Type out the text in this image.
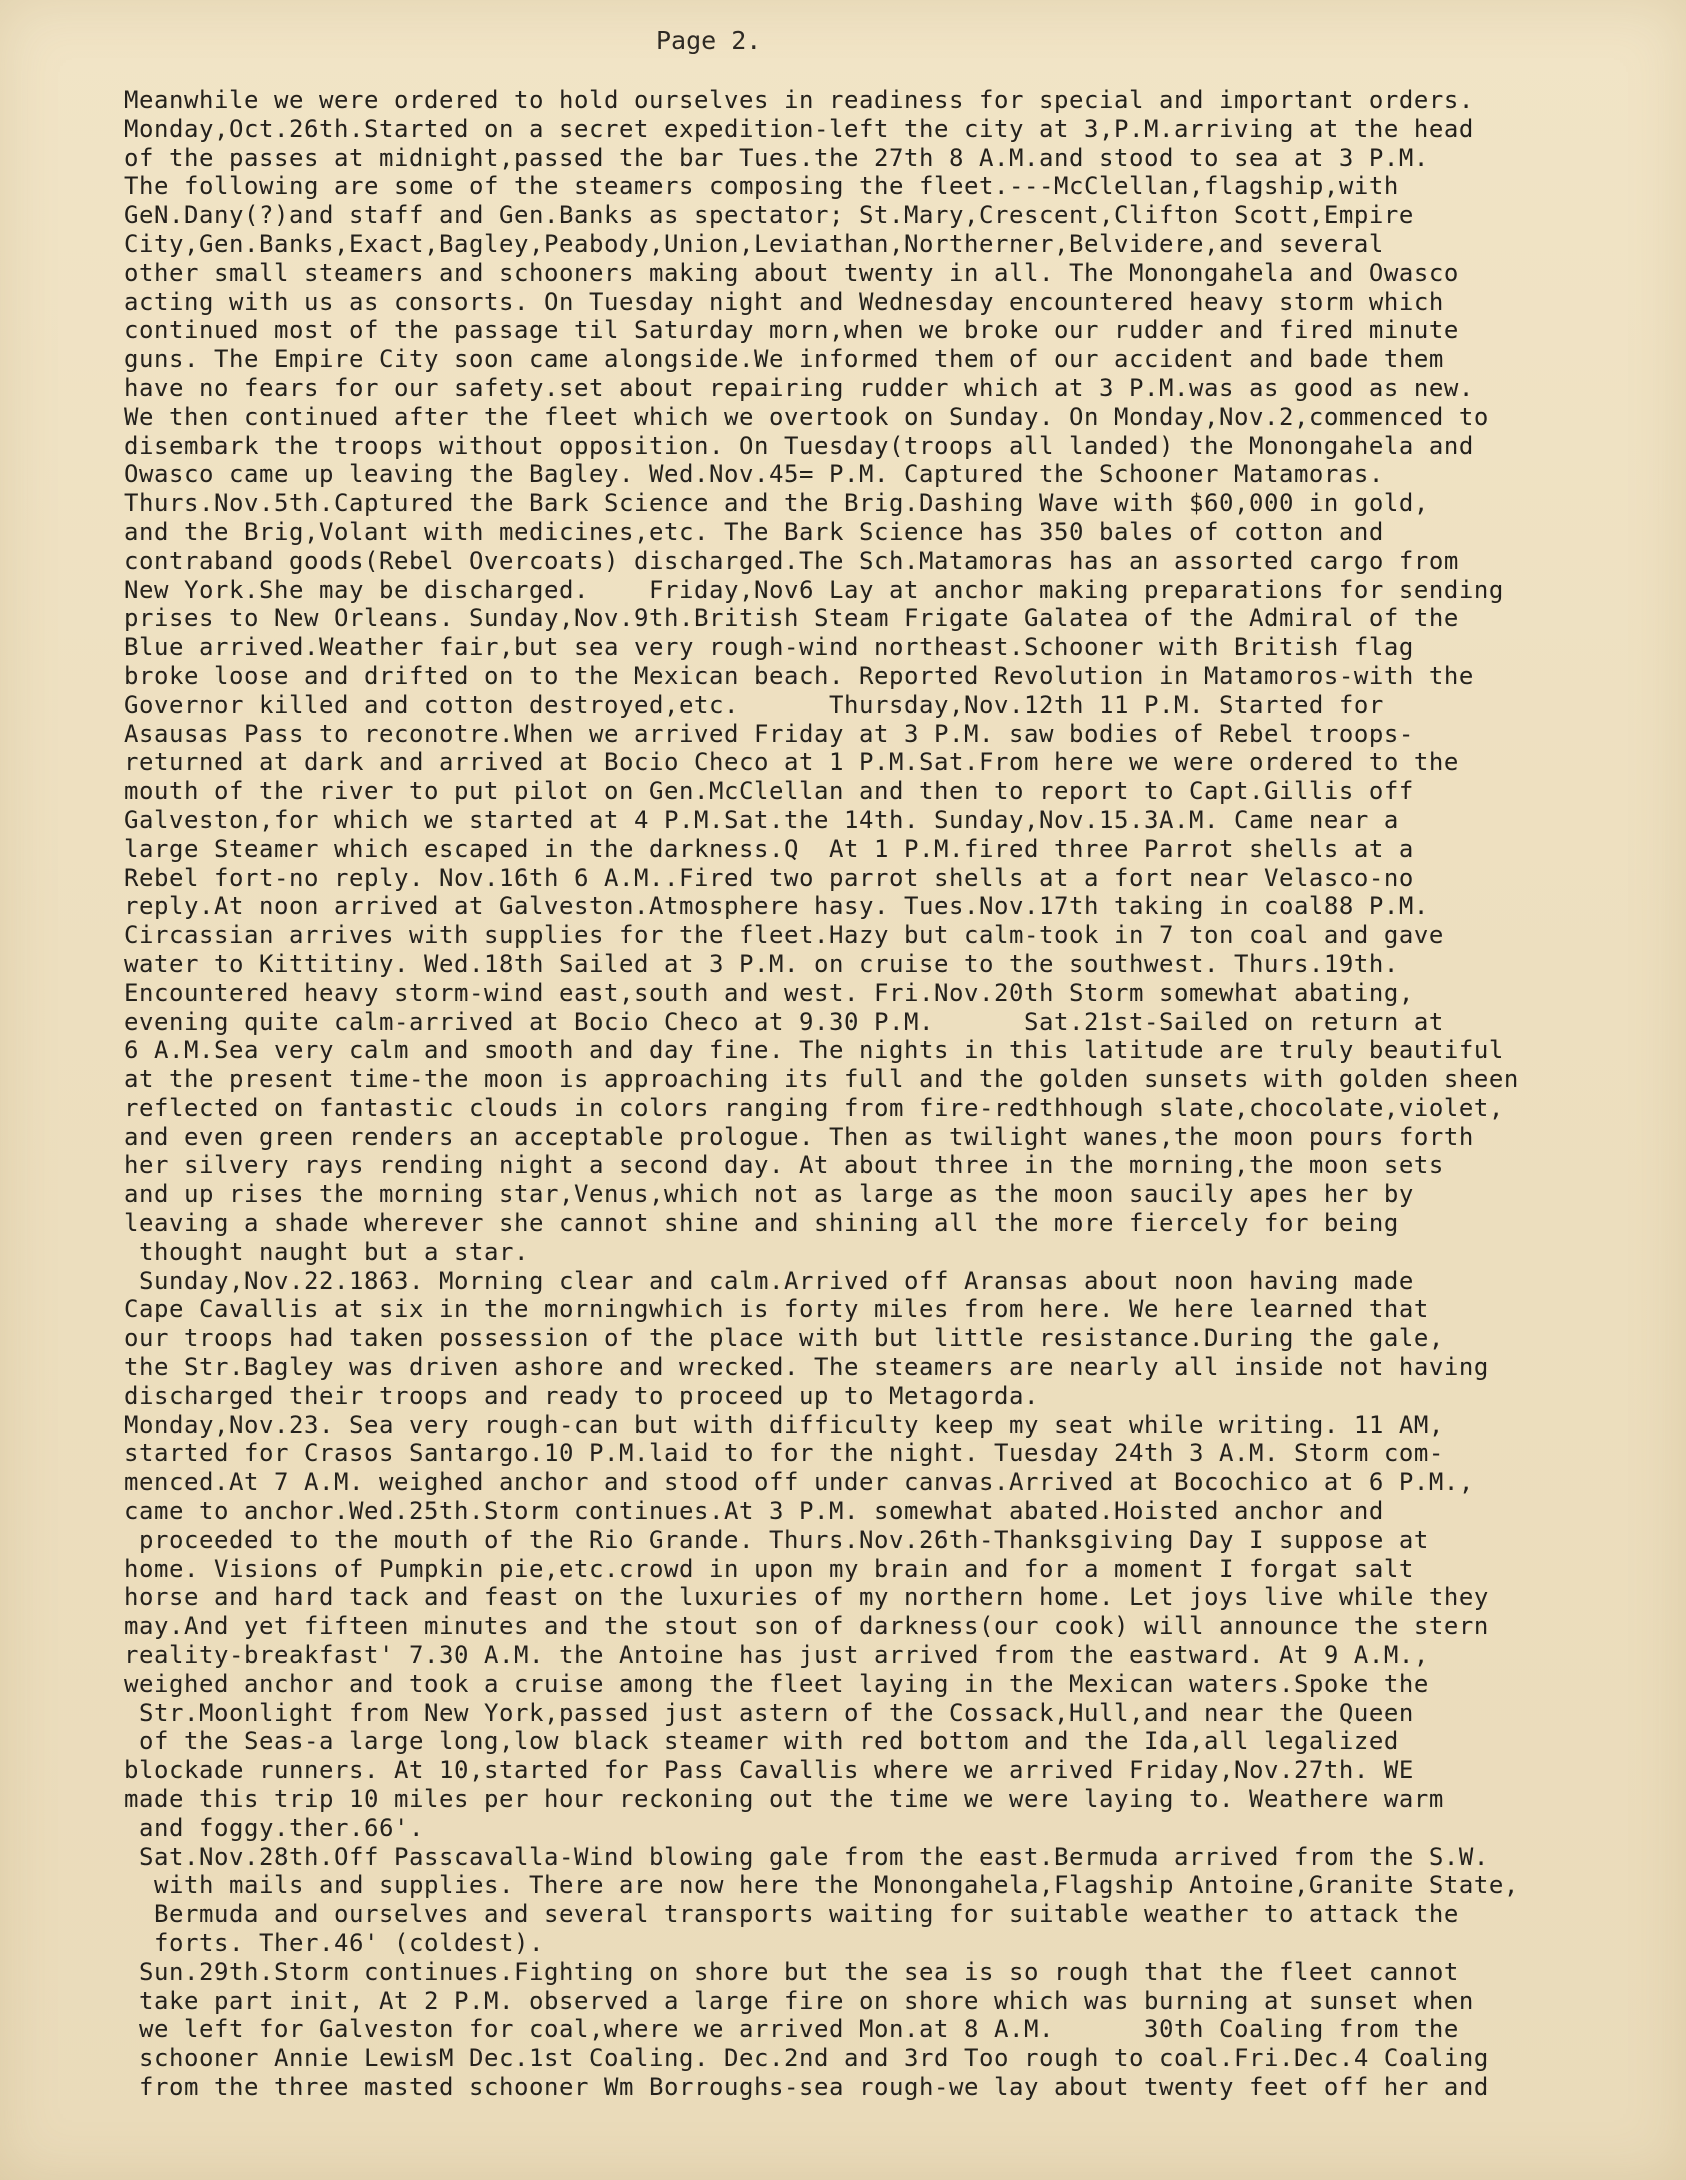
Page 2.
Meanwhile we were ordered to hold ourselves in readiness for special and important orders.
Monday,Oct.26th.Started on a secret expedition-left the city at 3,P.M.arriving at the head
of the passes at midnight,passed the bar Tues.the 27th 8 A.M.and stood to sea at 3 P.M.
The following are some of the steamers composing the fleet.---McClellan,flagship,with
GeN.Dany(?)and staff and Gen.Banks as spectator; St.Mary,Crescent,Clifton Scott,Empire
City,Gen.Banks,Exact,Bagley,Peabody,Union,Leviathan,Northerner,Belvidere,and several
other small steamers and schooners making about twenty in all. The Monongahela and Owasco
acting with us as consorts. On Tuesday night and Wednesday encountered heavy storm which
continued most of the passage til Saturday morn,when we broke our rudder and fired minute
guns. The Empire City soon came alongside.We informed them of our accident and bade them
have no fears for our safety.set about repairing rudder which at 3 P.M.was as good as new.
We then continued after the fleet which we overtook on Sunday. On Monday,Nov.2,commenced to
disembark the troops without opposition. On Tuesday(troops all landed) the Monongahela and
Owasco came up leaving the Bagley. Wed.Nov.45= P.M. Captured the Schooner Matamoras.
Thurs.Nov.5th.Captured the Bark Science and the Brig.Dashing Wave with $60,000 in gold,
and the Brig,Volant with medicines,etc. The Bark Science has 350 bales of cotton and
contraband goods(Rebel Overcoats) discharged.The Sch.Matamoras has an assorted cargo from
New York.She may be discharged.    Friday,Nov6 Lay at anchor making preparations for sending
prises to New Orleans. Sunday,Nov.9th.British Steam Frigate Galatea of the Admiral of the
Blue arrived.Weather fair,but sea very rough-wind northeast.Schooner with British flag
broke loose and drifted on to the Mexican beach. Reported Revolution in Matamoros-with the
Governor killed and cotton destroyed,etc.      Thursday,Nov.12th 11 P.M. Started for
Asausas Pass to reconotre.When we arrived Friday at 3 P.M. saw bodies of Rebel troops-
returned at dark and arrived at Bocio Checo at 1 P.M.Sat.From here we were ordered to the
mouth of the river to put pilot on Gen.McClellan and then to report to Capt.Gillis off
Galveston,for which we started at 4 P.M.Sat.the 14th. Sunday,Nov.15.3A.M. Came near a
large Steamer which escaped in the darkness.Q  At 1 P.M.fired three Parrot shells at a
Rebel fort-no reply. Nov.16th 6 A.M..Fired two parrot shells at a fort near Velasco-no
reply.At noon arrived at Galveston.Atmosphere hasy. Tues.Nov.17th taking in coal88 P.M.
Circassian arrives with supplies for the fleet.Hazy but calm-took in 7 ton coal and gave
water to Kittitiny. Wed.18th Sailed at 3 P.M. on cruise to the southwest. Thurs.19th.
Encountered heavy storm-wind east,south and west. Fri.Nov.20th Storm somewhat abating,
evening quite calm-arrived at Bocio Checo at 9.30 P.M.      Sat.21st-Sailed on return at
6 A.M.Sea very calm and smooth and day fine. The nights in this latitude are truly beautiful
at the present time-the moon is approaching its full and the golden sunsets with golden sheen
reflected on fantastic clouds in colors ranging from fire-redthhough slate,chocolate,violet,
and even green renders an acceptable prologue. Then as twilight wanes,the moon pours forth
her silvery rays rending night a second day. At about three in the morning,the moon sets
and up rises the morning star,Venus,which not as large as the moon saucily apes her by
leaving a shade wherever she cannot shine and shining all the more fiercely for being
thought naught but a star.
Sunday,Nov.22.1863. Morning clear and calm.Arrived off Aransas about noon having made
Cape Cavallis at six in the morningwhich is forty miles from here. We here learned that
our troops had taken possession of the place with but little resistance.During the gale,
the Str.Bagley was driven ashore and wrecked. The steamers are nearly all inside not having
discharged their troops and ready to proceed up to Metagorda.
Monday,Nov.23. Sea very rough-can but with difficulty keep my seat while writing. 11 AM,
started for Crasos Santargo.10 P.M.laid to for the night. Tuesday 24th 3 A.M. Storm com-
menced.At 7 A.M. weighed anchor and stood off under canvas.Arrived at Bocochico at 6 P.M.,
came to anchor.Wed.25th.Storm continues.At 3 P.M. somewhat abated.Hoisted anchor and
proceeded to the mouth of the Rio Grande. Thurs.Nov.26th-Thanksgiving Day I suppose at
home. Visions of Pumpkin pie,etc.crowd in upon my brain and for a moment I forgat salt
horse and hard tack and feast on the luxuries of my northern home. Let joys live while they
may.And yet fifteen minutes and the stout son of darkness(our cook) will announce the stern
reality-breakfast' 7.30 A.M. the Antoine has just arrived from the eastward. At 9 A.M.,
weighed anchor and took a cruise among the fleet laying in the Mexican waters.Spoke the
Str.Moonlight from New York,passed just astern of the Cossack,Hull,and near the Queen
of the Seas-a large long,low black steamer with red bottom and the Ida,all legalized
blockade runners. At 10,started for Pass Cavallis where we arrived Friday,Nov.27th. WE
made this trip 10 miles per hour reckoning out the time we were laying to. Weathere warm
and foggy.ther.66'.
Sat.Nov.28th.Off Passcavalla-Wind blowing gale from the east.Bermuda arrived from the S.W.
with mails and supplies. There are now here the Monongahela,Flagship Antoine,Granite State,
Bermuda and ourselves and several transports waiting for suitable weather to attack the
forts. Ther.46' (coldest).
Sun.29th.Storm continues.Fighting on shore but the sea is so rough that the fleet cannot
take part init, At 2 P.M. observed a large fire on shore which was burning at sunset when
we left for Galveston for coal,where we arrived Mon.at 8 A.M.      30th Coaling from the
schooner Annie LewisM Dec.1st Coaling. Dec.2nd and 3rd Too rough to coal.Fri.Dec.4 Coaling
from the three masted schooner Wm Borroughs-sea rough-we lay about twenty feet off her and
